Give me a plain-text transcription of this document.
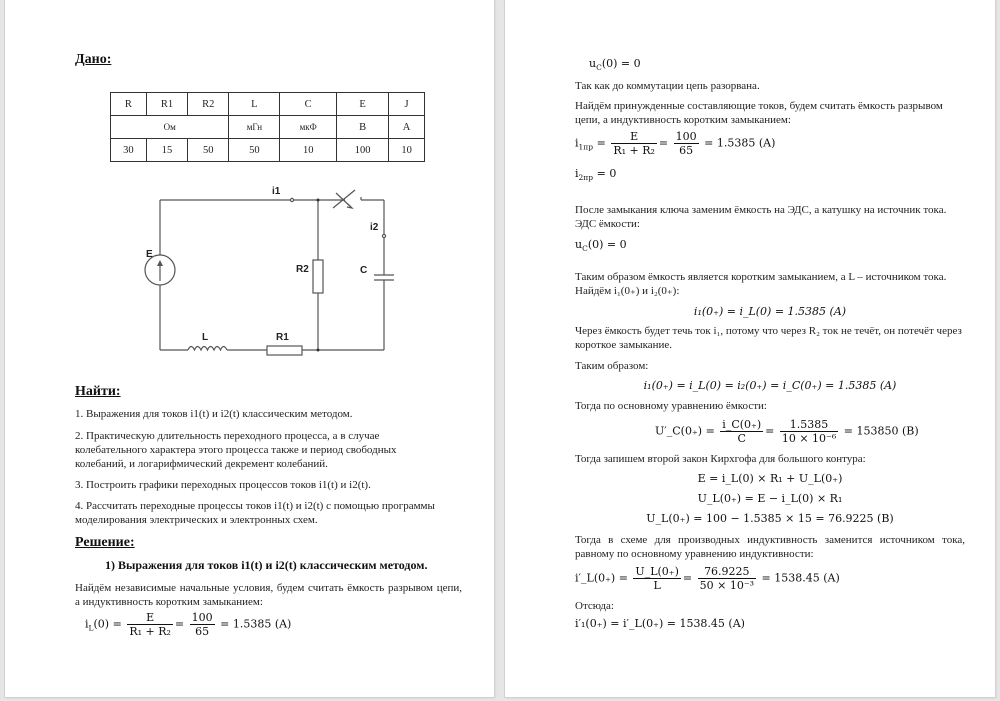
Дано:
R	R1	R2	L	C	E	J
Ом			мГн	мкФ	В	А
30	15	50	50	10	100	10
i1
i2
E
R2	C
L	R1
Найти:
1. Выражения для токов i1(t) и i2(t) классическим методом.
2. Практическую длительность переходного процесса, а в случае колебательного характера этого процесса также и период свободных колебаний, и логарифмический декремент колебаний.
3. Построить графики переходных процессов токов i1(t) и i2(t).
4. Рассчитать переходные процессы токов i1(t) и i2(t) с помощью программы моделирования электрических и электронных схем.
Решение:
1) Выражения для токов i1(t) и i2(t) классическим методом.
Найдём независимые начальные условия, будем считать ёмкость разрывом цепи, а индуктивность коротким замыканием:
$i_L(0) = \frac{E}{\text{R₁ + R₂}} = \frac{100}{65} = 1.5385$ (A)
$u_C(0) = 0$
Так как до коммутации цепь разорвана.
Найдём принужденные составляющие токов, будем считать ёмкость разрывом цепи, а индуктивность коротким замыканием:
$i_{1пр} = \frac{E}{\text{R₁ + R₂}} = \frac{100}{65} = 1.5385$ (A)
$i_{2пр} = 0$
После замыкания ключа заменим ёмкость на ЭДС, а катушку на источник тока. ЭДС ёмкости:
$u_C(0) = 0$
Таким образом ёмкость является коротким замыканием, а L – источником тока. Найдём i₁(0₊) и i₂(0₊):
i₁(0₊) = i_L(0) = 1.5385 (A)
Через ёмкость будет течь ток i₁, потому что через R₂ ток не течёт, он потечёт через короткое замыкание.
Таким образом:
i₁(0₊) = i_L(0) = i₂(0₊) = i_C(0₊) = 1.5385 (A)
Тогда по основному уравнению ёмкости:
U′_C(0₊) = $\frac{i\_C(0_+)}{C} = \frac{1.5385}{\text{10 × 10⁻⁶}} = 153850$ (B)
Тогда запишем второй закон Кирхгофа для большого контура:
E = i_L(0) × R₁ + U_L(0₊)
U_L(0₊) = E − i_L(0) × R₁
U_L(0₊) = 100 − 1.5385 × 15 = 76.9225 (B)
Тогда в схеме для производных индуктивность заменится источником тока, равному по основному уравнению индуктивности:
i′_L(0₊) = $\frac{U\_L(0_+)}{L} = \frac{76.9225}{\text{50 × 10⁻³}} = 1538.45$ (A)
Отсюда:
i′₁(0₊) = i′_L(0₊) = 1538.45 (A)
